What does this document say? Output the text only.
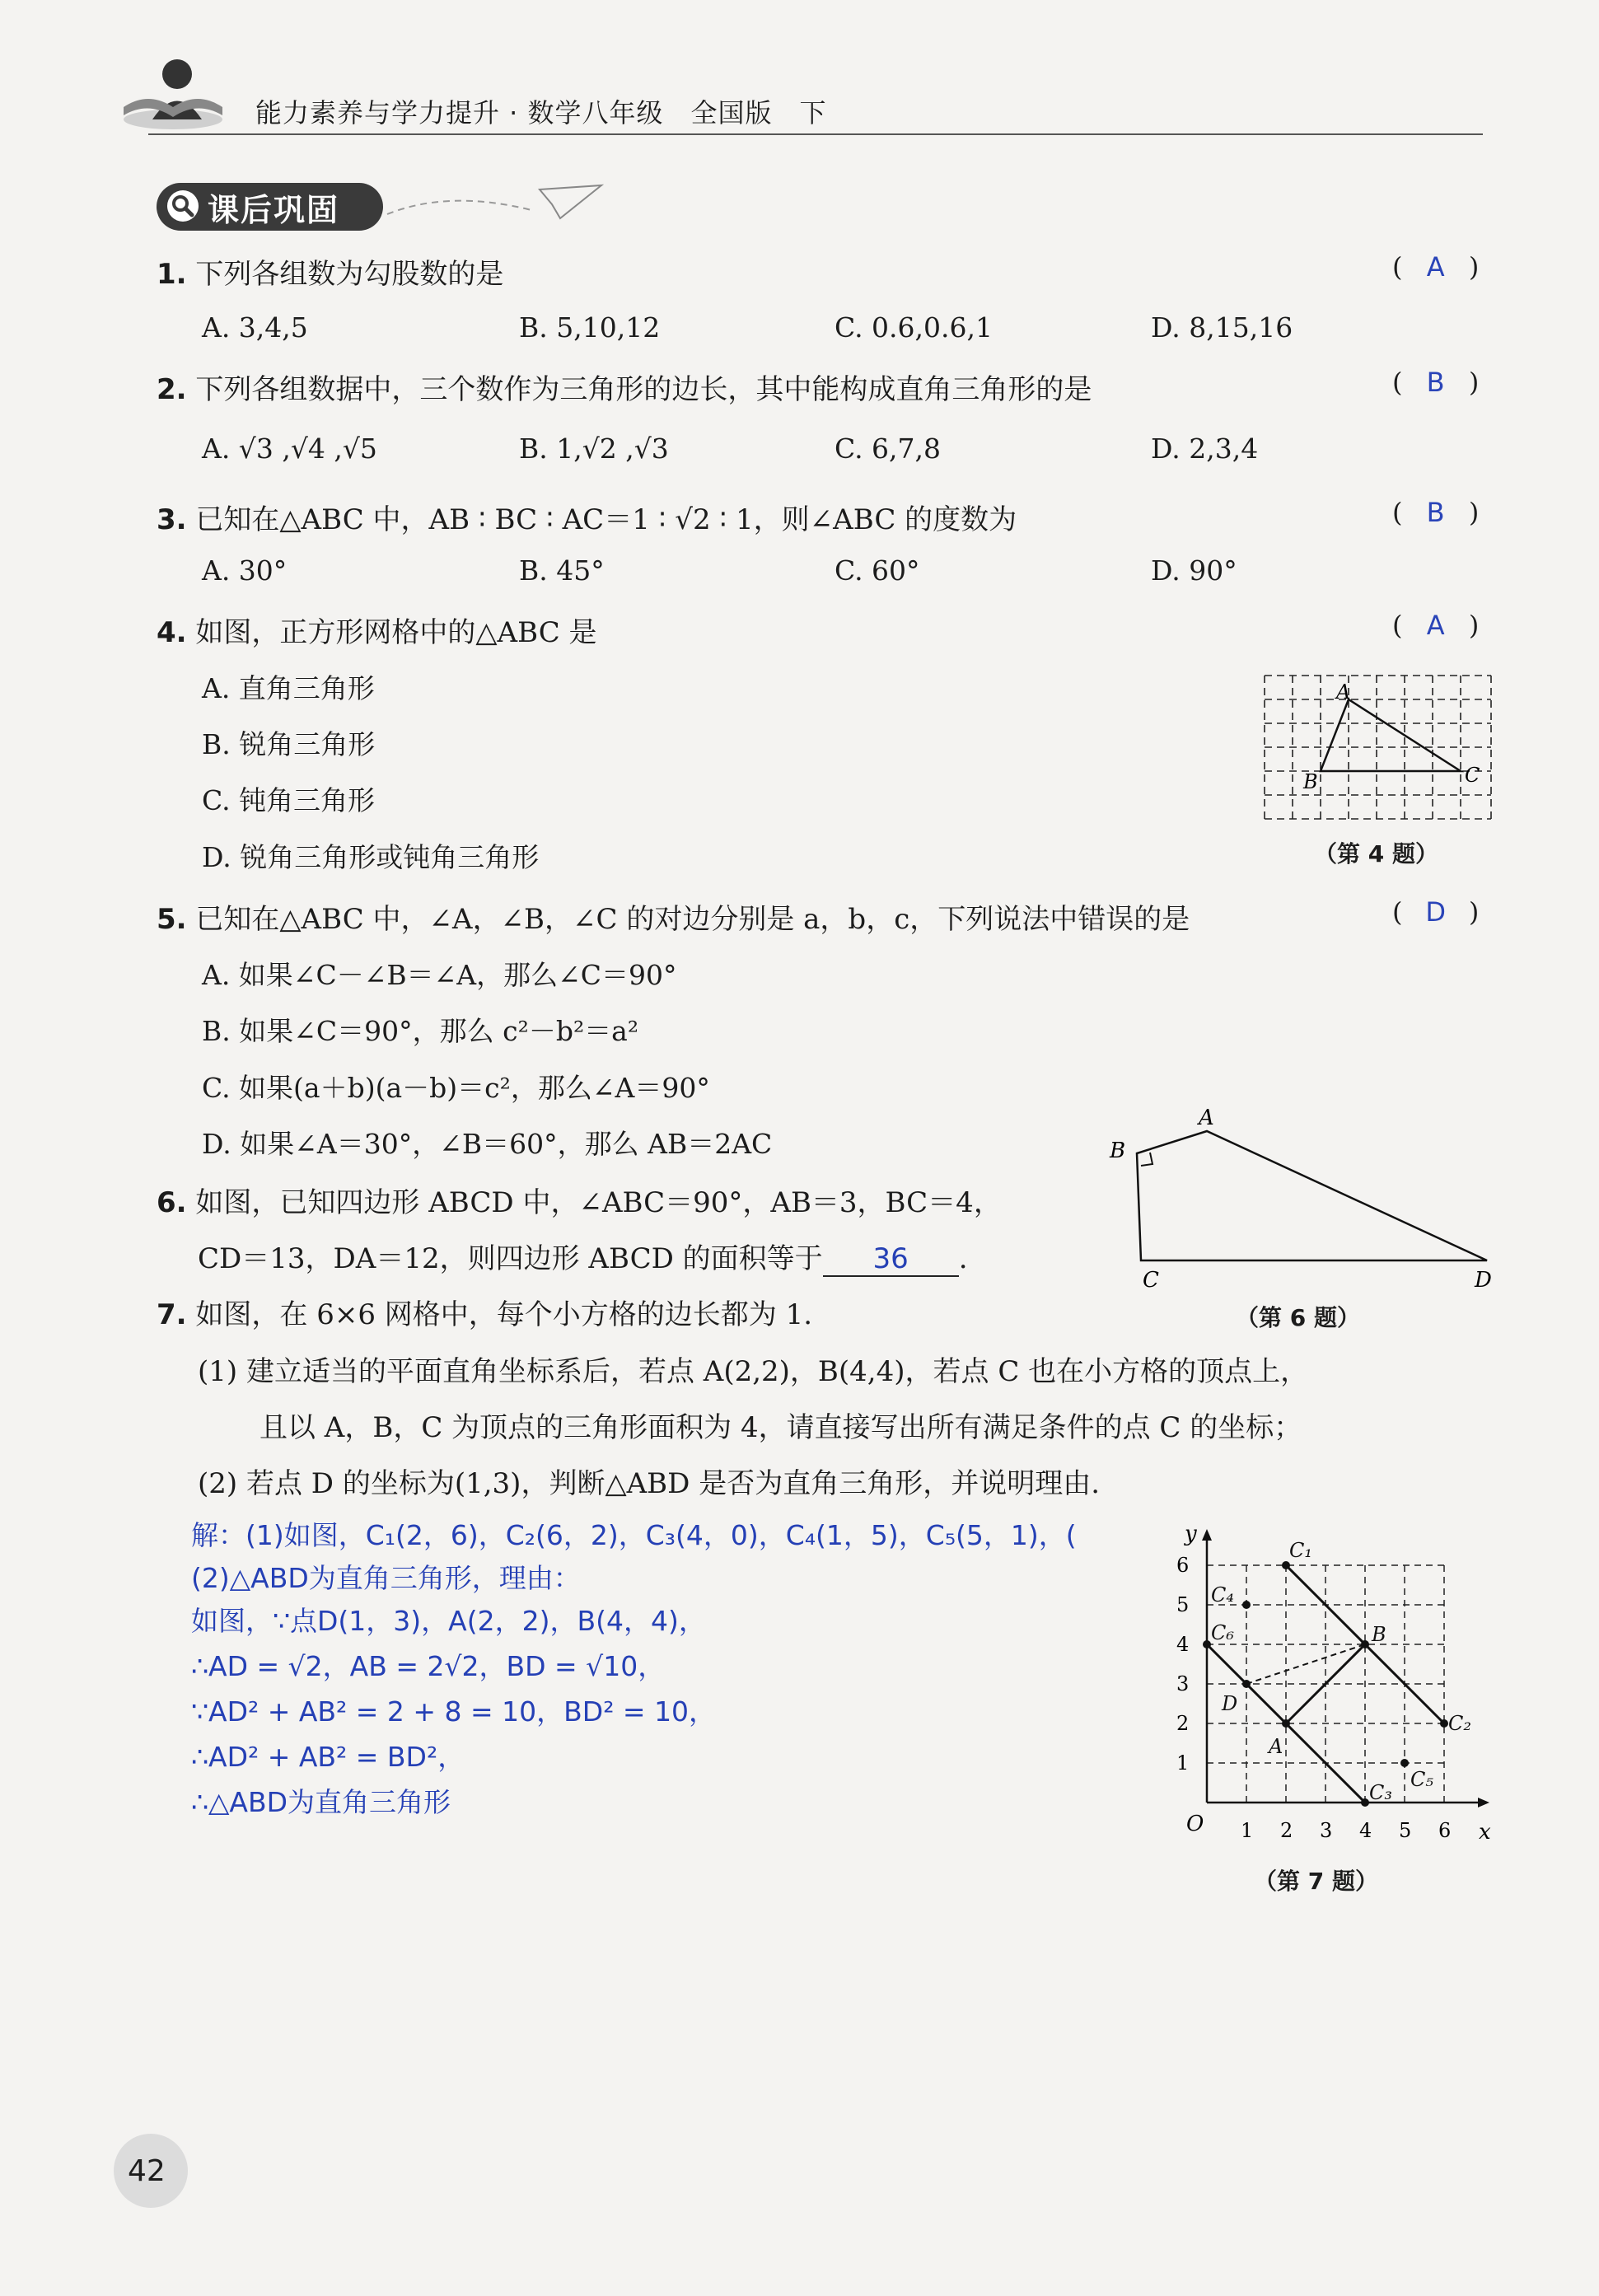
能力素养与学力提升 · 数学八年级　全国版　下
课后巩固
1. 下列各组数为勾股数的是	( A )
A. 3,4,5	B. 5,10,12	C. 0.6,0.6,1	D. 8,15,16
2. 下列各组数据中，三个数作为三角形的边长，其中能构成直角三角形的是	( B )
A. √3 ,√4 ,√5	B. 1,√2 ,√3	C. 6,7,8	D. 2,3,4
3. 已知在△ABC 中，AB ∶ BC ∶ AC＝1 ∶ √2 ∶ 1，则∠ABC 的度数为	( B )
A. 30°	B. 45°	C. 60°	D. 90°
4. 如图，正方形网格中的△ABC 是	( A )
A. 直角三角形
B. 锐角三角形
C. 钝角三角形
D. 锐角三角形或钝角三角形
A
B	C
（第 4 题）
5. 已知在△ABC 中，∠A，∠B，∠C 的对边分别是 a，b，c，下列说法中错误的是	( D )
A. 如果∠C－∠B＝∠A，那么∠C＝90°
B. 如果∠C＝90°，那么 c²－b²＝a²
C. 如果(a＋b)(a－b)＝c²，那么∠A＝90°
D. 如果∠A＝30°，∠B＝60°，那么 AB＝2AC
6. 如图，已知四边形 ABCD 中，∠ABC＝90°，AB＝3，BC＝4，
CD＝13，DA＝12，则四边形 ABCD 的面积等于 36 .
A
B
C	D
（第 6 题）
7. 如图，在 6×6 网格中，每个小方格的边长都为 1.
(1) 建立适当的平面直角坐标系后，若点 A(2,2)，B(4,4)，若点 C 也在小方格的顶点上，
且以 A，B，C 为顶点的三角形面积为 4，请直接写出所有满足条件的点 C 的坐标；
(2) 若点 D 的坐标为(1,3)，判断△ABD 是否为直角三角形，并说明理由.
解：(1)如图，C₁(2，6)，C₂(6，2)，C₃(4，0)，C₄(1，5)，C₅(5，1)，(
(2)△ABD为直角三角形，理由：
如图，∵点D(1，3)，A(2，2)，B(4，4)，
∴AD = √2，AB = 2√2，BD = √10，
∵AD² + AB² = 2 + 8 = 10，BD² = 10，
∴AD² + AB² = BD²，
∴△ABD为直角三角形
x
y
O 1 2 3 4 5 6
1
2
3
4
5
6
A
B
D
C₁
C₂
C₃
C₄
C₅
C₆
（第 7 题）
42
